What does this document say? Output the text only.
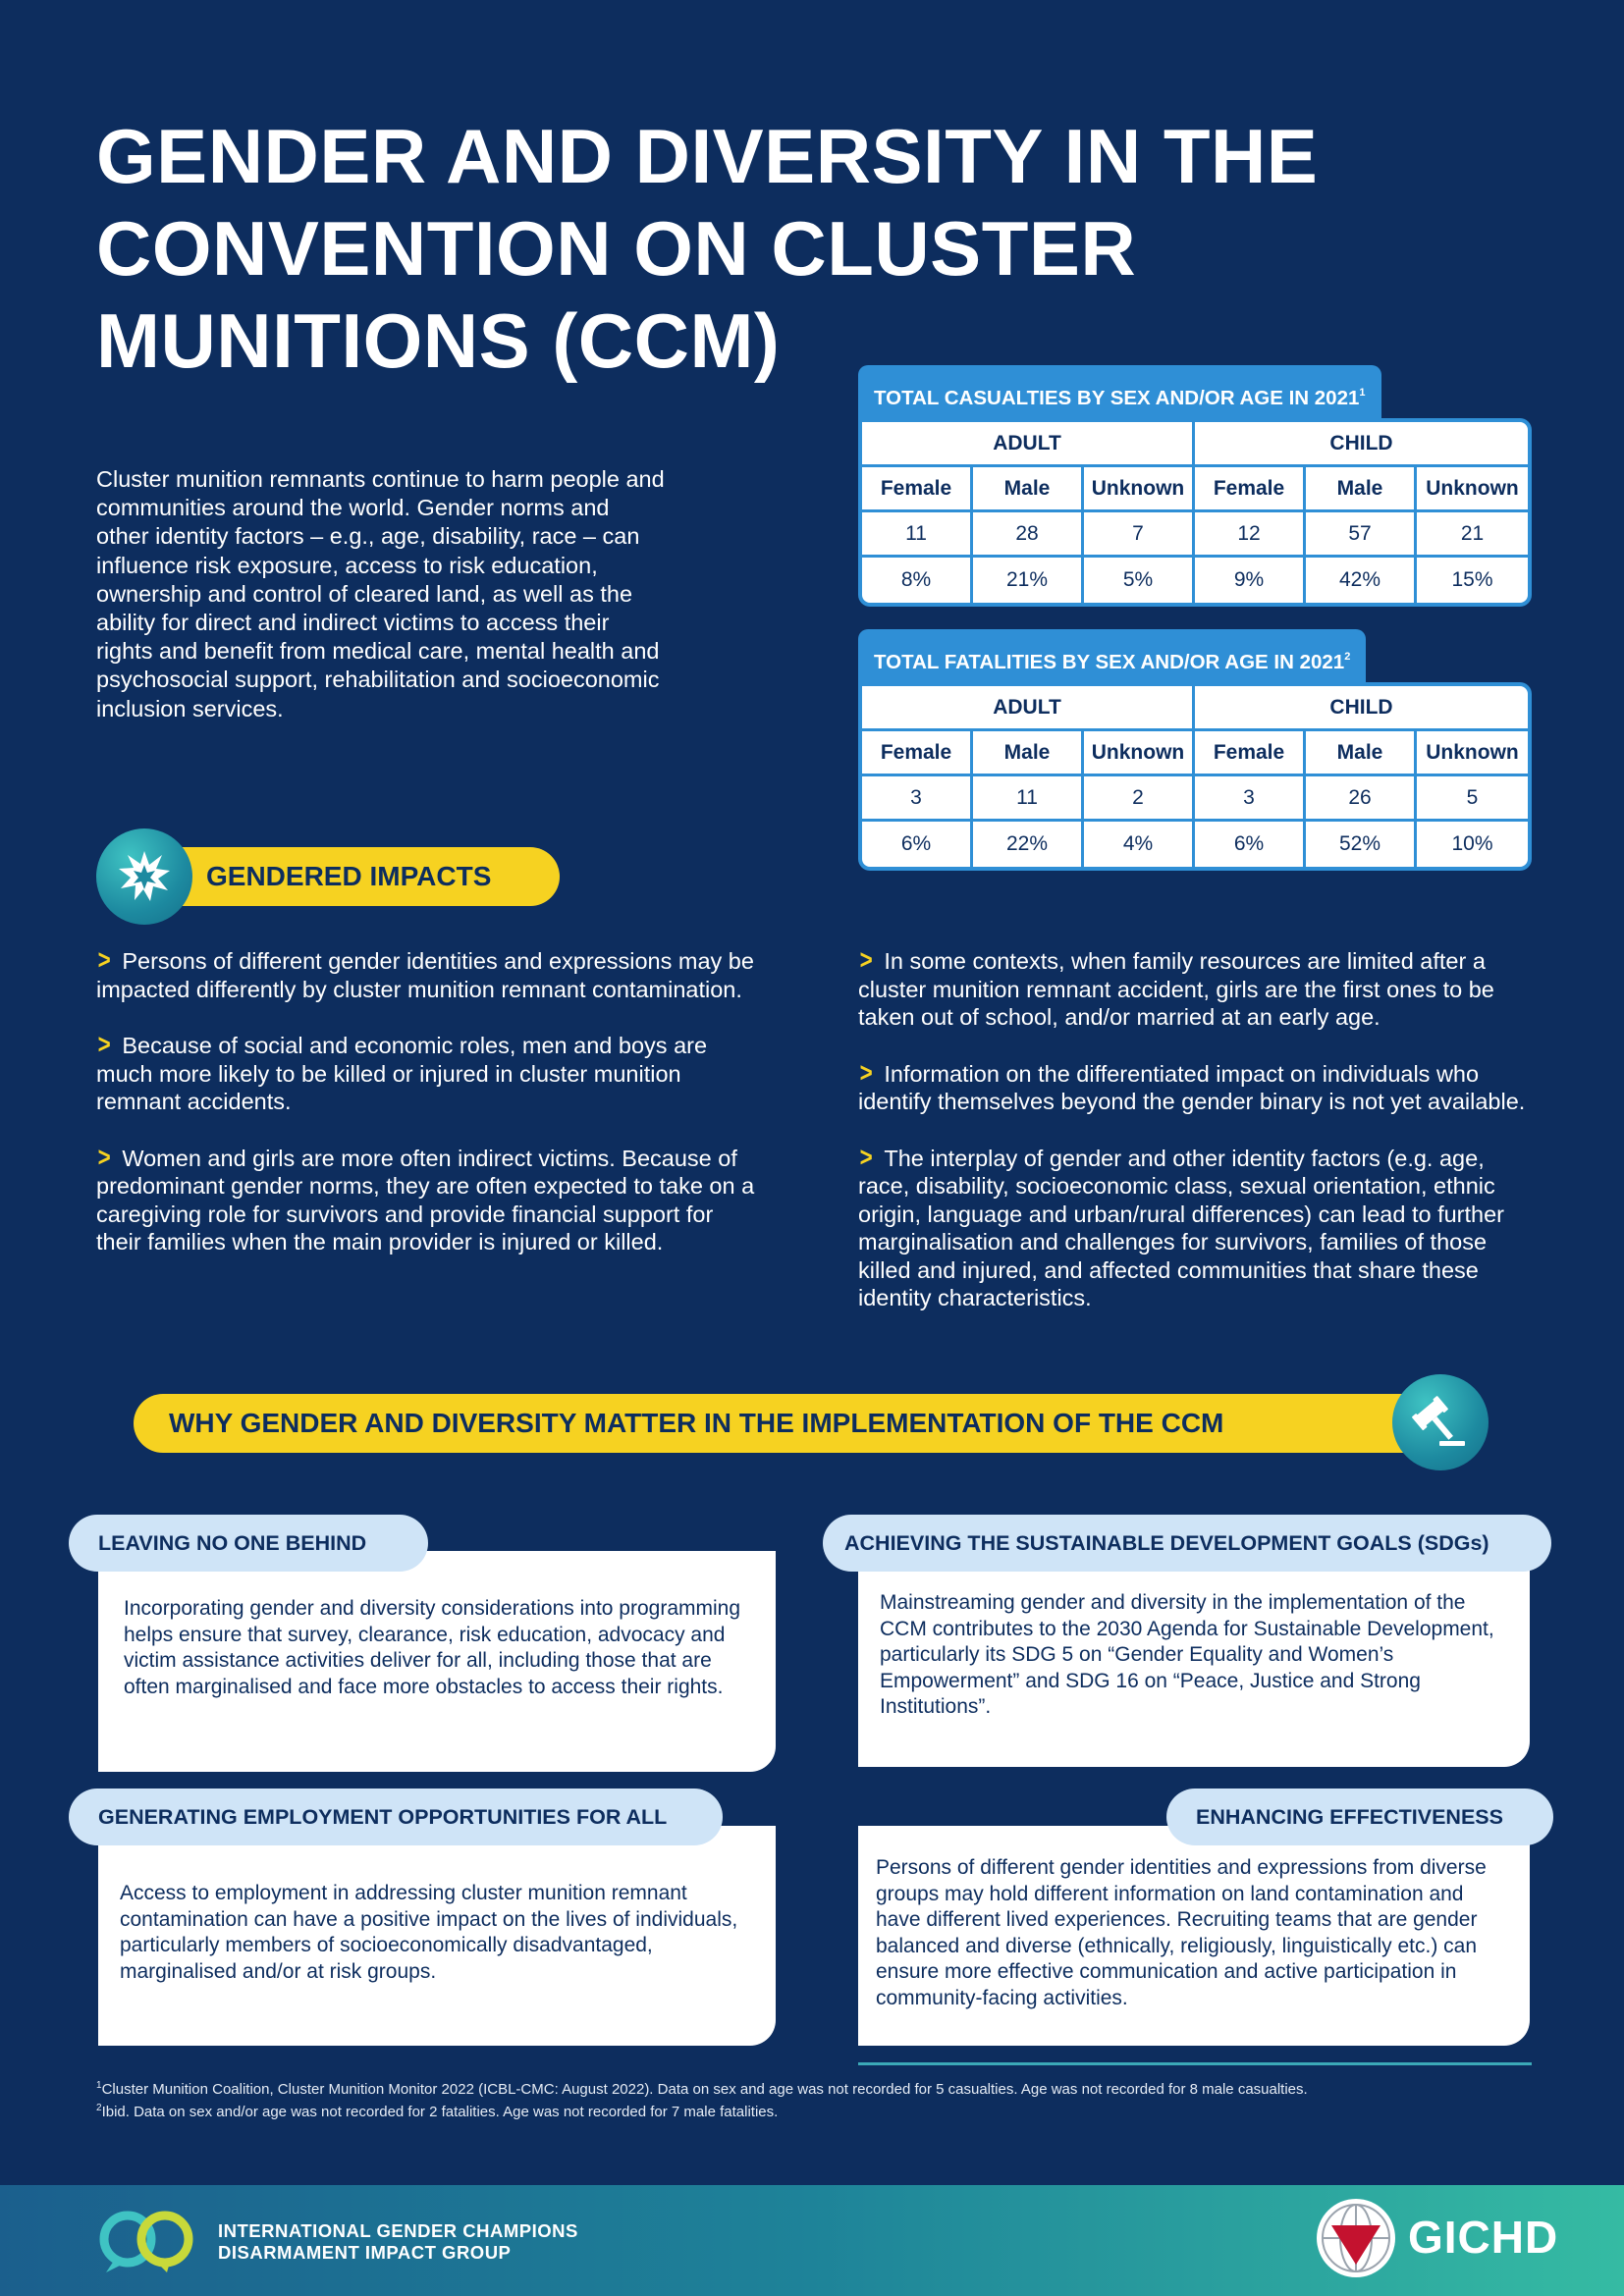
GENDER AND DIVERSITY IN THE
CONVENTION ON CLUSTER
MUNITIONS (CCM)

Cluster munition remnants continue to harm people and communities around the world. Gender norms and other identity factors – e.g., age, disability, race – can influence risk exposure, access to risk education, ownership and control of cleared land, as well as the ability for direct and indirect victims to access their rights and benefit from medical care, mental health and psychosocial support, rehabilitation and socioeconomic inclusion services.

TOTAL CASUALTIES BY SEX AND/OR AGE IN 2021$^1$
ADULT			CHILD		
Female	Male	Unknown	Female	Male	Unknown
11	28	7	12	57	21
8%	21%	5%	9%	42%	15%
TOTAL FATALITIES BY SEX AND/OR AGE IN 2021$^2$
ADULT			CHILD		
Female	Male	Unknown	Female	Male	Unknown
3	11	2	3	26	5
6%	22%	4%	6%	52%	10%
GENDERED IMPACTS

> Persons of different gender identities and expressions may be impacted differently by cluster munition remnant contamination.

> Because of social and economic roles, men and boys are much more likely to be killed or injured in cluster munition remnant accidents.

> Women and girls are more often indirect victims. Because of predominant gender norms, they are often expected to take on a caregiving role for survivors and provide financial support for their families when the main provider is injured or killed.

> In some contexts, when family resources are limited after a cluster munition remnant accident, girls are the first ones to be taken out of school, and/or married at an early age.

> Information on the differentiated impact on individuals who identify themselves beyond the gender binary is not yet available.

> The interplay of gender and other identity factors (e.g. age, race, disability, socioeconomic class, sexual orientation, ethnic origin, language and urban/rural differences) can lead to further marginalisation and challenges for survivors, families of those killed and injured, and affected communities that share these identity characteristics.

WHY GENDER AND DIVERSITY MATTER IN THE IMPLEMENTATION OF THE CCM

Incorporating gender and diversity considerations into programming helps ensure that survey, clearance, risk education, advocacy and victim assistance activities deliver for all, including those that are often marginalised and face more obstacles to access their rights.

LEAVING NO ONE BEHIND

Mainstreaming gender and diversity in the implementation of the CCM contributes to the 2030 Agenda for Sustainable Development, particularly its SDG 5 on “Gender Equality and Women’s Empowerment” and SDG 16 on “Peace, Justice and Strong Institutions”.

ACHIEVING THE SUSTAINABLE DEVELOPMENT GOALS (SDGs)

Access to employment in addressing cluster munition remnant contamination can have a positive impact on the lives of individuals, particularly members of socioeconomically disadvantaged, marginalised and/or at risk groups.

GENERATING EMPLOYMENT OPPORTUNITIES FOR ALL

Persons of different gender identities and expressions from diverse groups may hold different information on land contamination and have different lived experiences. Recruiting teams that are gender balanced and diverse (ethnically, religiously, linguistically etc.) can ensure more effective communication and active participation in community-facing activities.

ENHANCING EFFECTIVENESS

$^1$Cluster Munition Coalition, Cluster Munition Monitor 2022 (ICBL-CMC: August 2022). Data on sex and age was not recorded for 5 casualties. Age was not recorded for 8 male casualties.

$^2$Ibid. Data on sex and/or age was not recorded for 2 fatalities. Age was not recorded for 7 male fatalities.

INTERNATIONAL GENDER CHAMPIONS
DISARMAMENT IMPACT GROUP	GICHD
